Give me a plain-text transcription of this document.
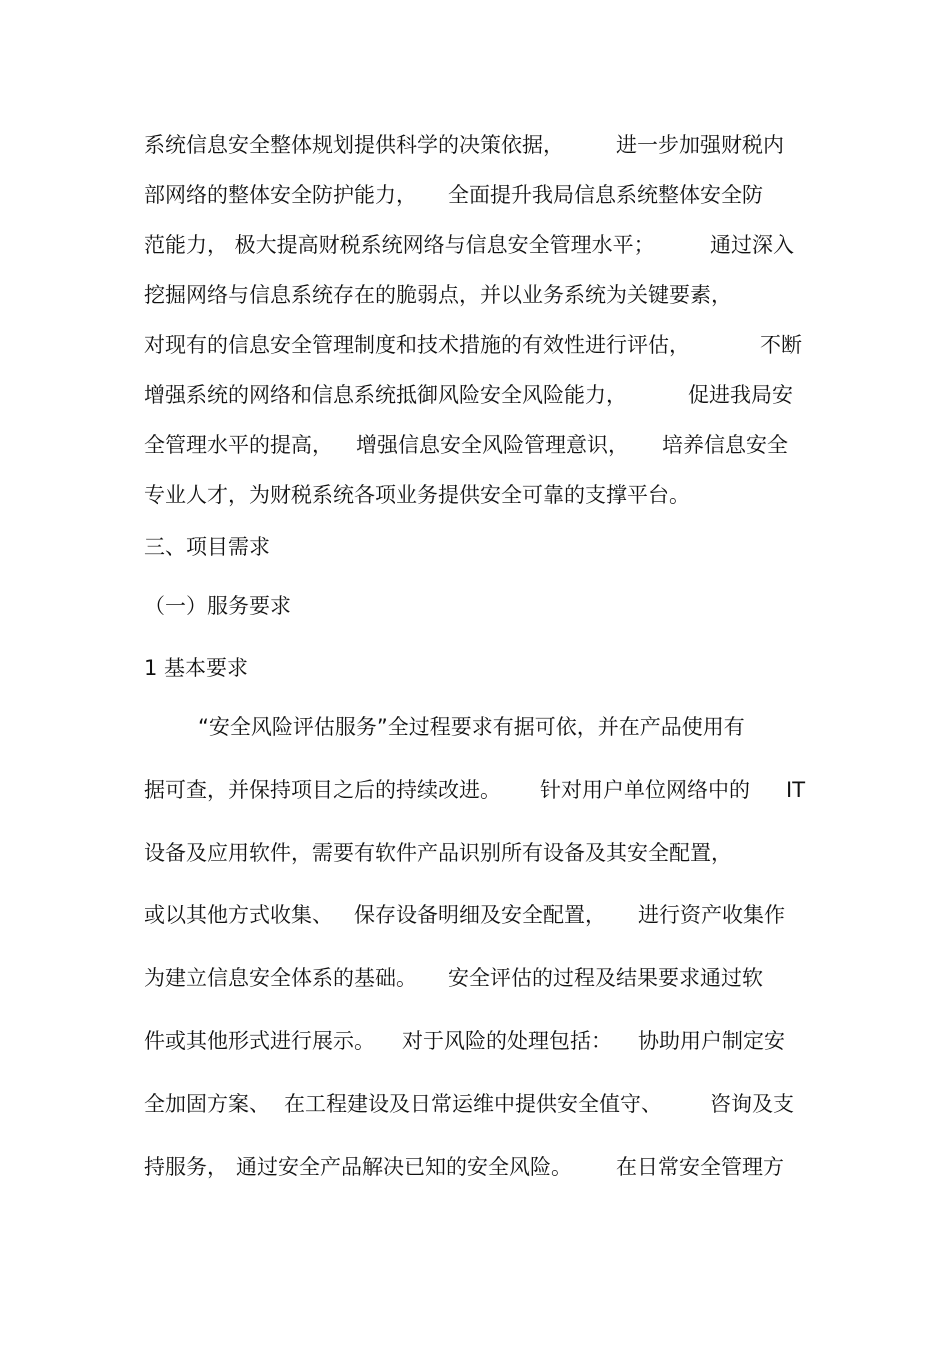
系统信息安全整体规划提供科学的决策依据， 进一步加强财税内
部网络的整体安全防护能力， 全面提升我局信息系统整体安全防
范能力， 极大提高财税系统网络与信息安全管理水平；	通过深入
挖掘网络与信息系统存在的脆弱点，并以业务系统为关键要素，
对现有的信息安全管理制度和技术措施的有效性进行评估，	不断
增强系统的网络和信息系统抵御风险安全风险能力，	促进我局安
全管理水平的提高， 增强信息安全风险管理意识， 培养信息安全
专业人才，为财税系统各项业务提供安全可靠的支撑平台。
三、项目需求
（一）服务要求
1 基本要求
“安全风险评估服务”全过程要求有据可依，并在产品使用有
据可查，并保持项目之后的持续改进。 针对用户单位网络中的 IT
设备及应用软件，需要有软件产品识别所有设备及其安全配置，
或以其他方式收集、 保存设备明细及安全配置， 进行资产收集作
为建立信息安全体系的基础。 安全评估的过程及结果要求通过软
件或其他形式进行展示。 对于风险的处理包括： 协助用户制定安
全加固方案、 在工程建设及日常运维中提供安全值守、 咨询及支
持服务， 通过安全产品解决已知的安全风险。 在日常安全管理方
